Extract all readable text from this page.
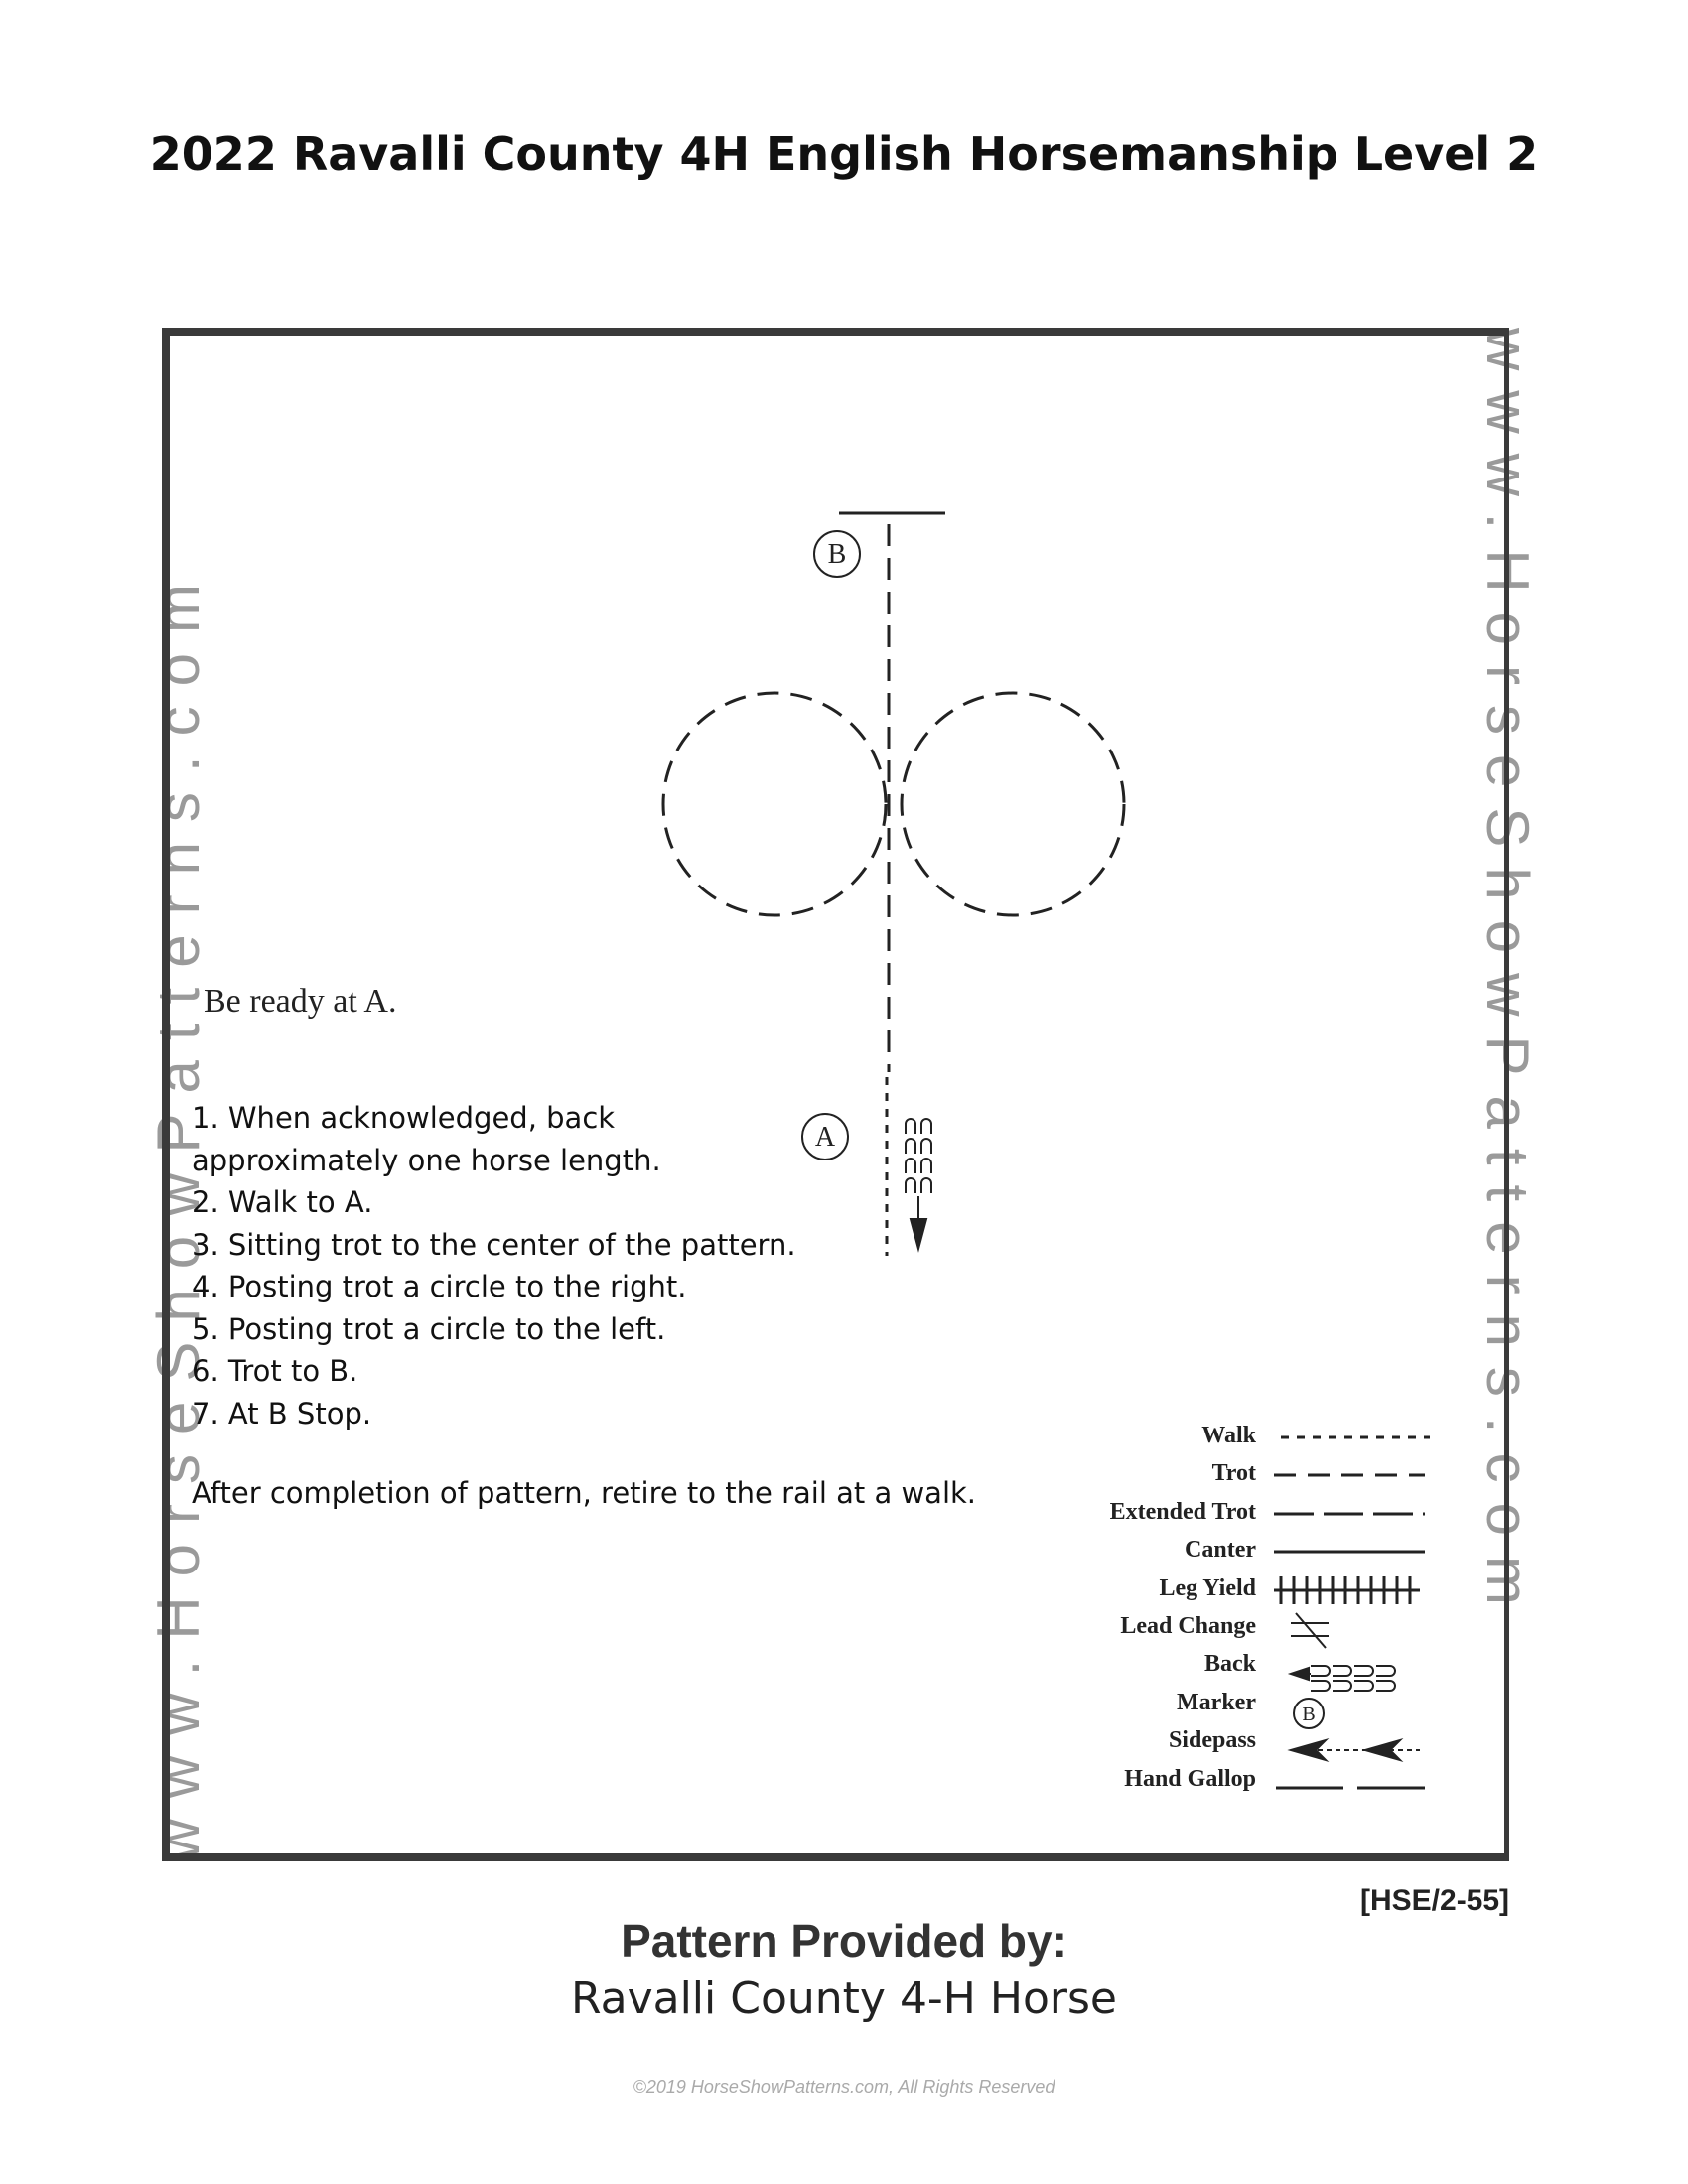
2022 Ravalli County 4H English Horsemanship Level 2
www.HorseShowPatterns.com	www.HorseShowPatterns.com
B
A
B
Be ready at A.
1. When acknowledged, back
approximately one horse length.
2. Walk to A.
3. Sitting trot to the center of the pattern.
4. Posting trot a circle to the right.
5. Posting trot a circle to the left.
6. Trot to B.
7. At B Stop.
After completion of pattern, retire to the rail at a walk.
Walk
Trot
Extended Trot
Canter
Leg Yield
Lead Change
Back
Marker
Sidepass
Hand Gallop
[HSE/2-55]
Pattern Provided by:
Ravalli County 4-H Horse
©2019 HorseShowPatterns.com, All Rights Reserved
